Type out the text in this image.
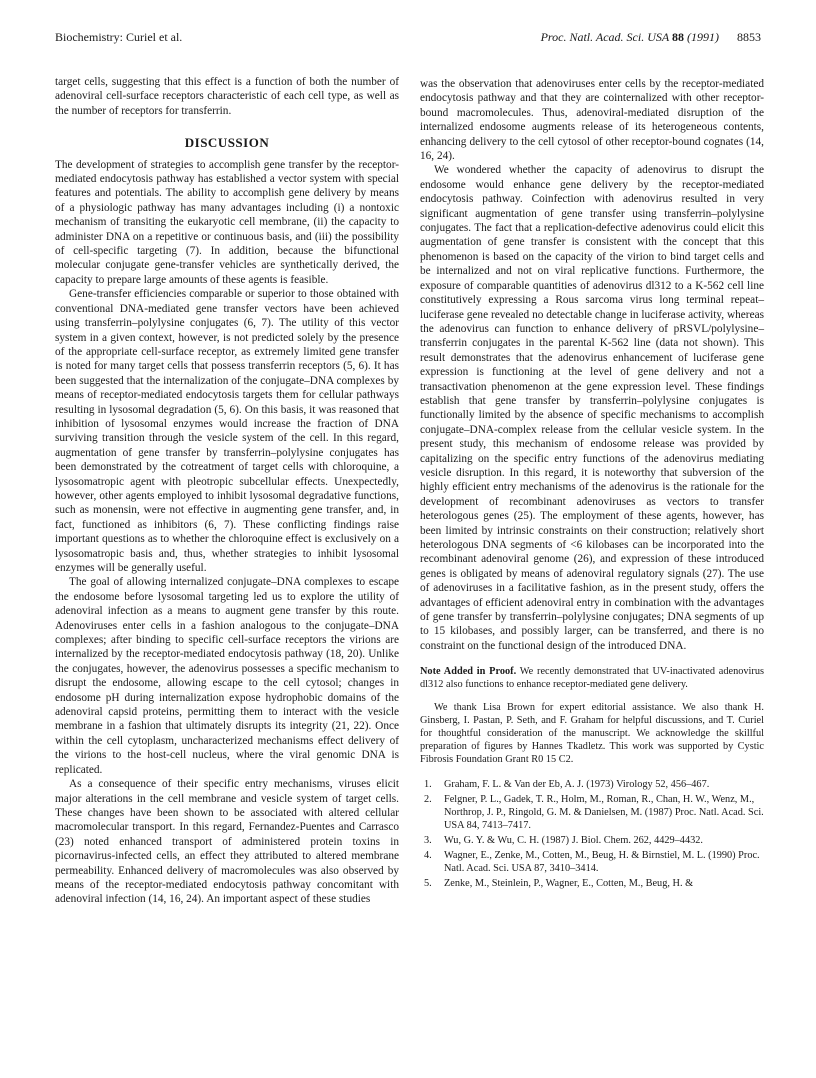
Biochemistry: Curiel et al.	Proc. Natl. Acad. Sci. USA 88 (1991) 8853

target cells, suggesting that this effect is a function of both the number of adenoviral cell-surface receptors characteristic of each cell type, as well as the number of receptors for transferrin.

DISCUSSION

The development of strategies to accomplish gene transfer by the receptor-mediated endocytosis pathway has established a vector system with special features and potentials. The ability to accomplish gene delivery by means of a physiologic pathway has many advantages including (i) a nontoxic mechanism of transiting the eukaryotic cell membrane, (ii) the capacity to administer DNA on a repetitive or continuous basis, and (iii) the possibility of cell-specific targeting (7). In addition, because the bifunctional molecular conjugate gene-transfer vehicles are synthetically derived, the capacity to prepare large amounts of these agents is feasible.

Gene-transfer efficiencies comparable or superior to those obtained with conventional DNA-mediated gene transfer vectors have been achieved using transferrin–polylysine conjugates (6, 7). The utility of this vector system in a given context, however, is not predicted solely by the presence of the appropriate cell-surface receptor, as extremely limited gene transfer is noted for many target cells that possess transferrin receptors (5, 6). It has been suggested that the internalization of the conjugate–DNA complexes by means of receptor-mediated endocytosis targets them for cellular pathways resulting in lysosomal degradation (5, 6). On this basis, it was reasoned that inhibition of lysosomal enzymes would increase the fraction of DNA surviving transition through the vesicle system of the cell. In this regard, augmentation of gene transfer by transferrin–polylysine conjugates has been demonstrated by the cotreatment of target cells with chloroquine, a lysosomatropic agent with pleotropic subcellular effects. Unexpectedly, however, other agents employed to inhibit lysosomal degradative functions, such as monensin, were not effective in augmenting gene transfer, and, in fact, functioned as inhibitors (6, 7). These conflicting findings raise important questions as to whether the chloroquine effect is exclusively on a lysosomatropic basis and, thus, whether strategies to inhibit lysosomal enzymes will be generally useful.

The goal of allowing internalized conjugate–DNA complexes to escape the endosome before lysosomal targeting led us to explore the utility of adenoviral infection as a means to augment gene transfer by this route. Adenoviruses enter cells in a fashion analogous to the conjugate–DNA complexes; after binding to specific cell-surface receptors the virions are internalized by the receptor-mediated endocytosis pathway (18, 20). Unlike the conjugates, however, the adenovirus possesses a specific mechanism to disrupt the endosome, allowing escape to the cell cytosol; changes in endosome pH during internalization expose hydrophobic domains of the adenoviral capsid proteins, permitting them to interact with the vesicle membrane in a fashion that ultimately disrupts its integrity (21, 22). Once within the cell cytoplasm, uncharacterized mechanisms effect delivery of the virions to the host-cell nucleus, where the viral genomic DNA is replicated.

As a consequence of their specific entry mechanisms, viruses elicit major alterations in the cell membrane and vesicle system of target cells. These changes have been shown to be associated with altered cellular macromolecular transport. In this regard, Fernandez-Puentes and Carrasco (23) noted enhanced transport of administered protein toxins in picornavirus-infected cells, an effect they attributed to altered membrane permeability. Enhanced delivery of macromolecules was also observed by means of the receptor-mediated endocytosis pathway concomitant with adenoviral infection (14, 16, 24). An important aspect of these studies

was the observation that adenoviruses enter cells by the receptor-mediated endocytosis pathway and that they are cointernalized with other receptor-bound macromolecules. Thus, adenoviral-mediated disruption of the internalized endosome augments release of its heterogeneous contents, enhancing delivery to the cell cytosol of other receptor-bound cognates (14, 16, 24).

We wondered whether the capacity of adenovirus to disrupt the endosome would enhance gene delivery by the receptor-mediated endocytosis pathway. Coinfection with adenovirus resulted in very significant augmentation of gene transfer using transferrin–polylysine conjugates. The fact that a replication-defective adenovirus could elicit this augmentation of gene transfer is consistent with the concept that this phenomenon is based on the capacity of the virion to bind target cells and be internalized and not on viral replicative functions. Furthermore, the exposure of comparable quantities of adenovirus dl312 to a K-562 cell line constitutively expressing a Rous sarcoma virus long terminal repeat–luciferase gene revealed no detectable change in luciferase activity, whereas the adenovirus can function to enhance delivery of pRSVL/polylysine–transferrin conjugates in the parental K-562 line (data not shown). This result demonstrates that the adenovirus enhancement of luciferase gene expression is functioning at the level of gene delivery and not a transactivation phenomenon at the gene expression level. These findings establish that gene transfer by transferrin–polylysine conjugates is functionally limited by the absence of specific mechanisms to accomplish conjugate–DNA-complex release from the cellular vesicle system. In the present study, this mechanism of endosome release was provided by capitalizing on the specific entry functions of the adenovirus mediating vesicle disruption. In this regard, it is noteworthy that subversion of the highly efficient entry mechanisms of the adenovirus is the rationale for the development of recombinant adenoviruses as vectors to transfer heterologous genes (25). The employment of these agents, however, has been limited by intrinsic constraints on their construction; relatively short heterologous DNA segments of <6 kilobases can be incorporated into the recombinant adenoviral genome (26), and expression of these introduced genes is obligated by means of adenoviral regulatory signals (27). The use of adenoviruses in a facilitative fashion, as in the present study, offers the advantages of efficient adenoviral entry in combination with the advantages of gene transfer by transferrin–polylysine conjugates; DNA segments of up to 15 kilobases, and possibly larger, can be transferred, and there is no constraint on the functional design of the introduced DNA.

Note Added in Proof. We recently demonstrated that UV-inactivated adenovirus dl312 also functions to enhance receptor-mediated gene delivery.

We thank Lisa Brown for expert editorial assistance. We also thank H. Ginsberg, I. Pastan, P. Seth, and F. Graham for helpful discussions, and T. Curiel for thoughtful consideration of the manuscript. We acknowledge the skillful preparation of figures by Hannes Tkadletz. This work was supported by Cystic Fibrosis Foundation Grant R0 15 C2.

1. Graham, F. L. & Van der Eb, A. J. (1973) Virology 52, 456–467.
2. Felgner, P. L., Gadek, T. R., Holm, M., Roman, R., Chan, H. W., Wenz, M., Northrop, J. P., Ringold, G. M. & Danielsen, M. (1987) Proc. Natl. Acad. Sci. USA 84, 7413–7417.
3. Wu, G. Y. & Wu, C. H. (1987) J. Biol. Chem. 262, 4429–4432.
4. Wagner, E., Zenke, M., Cotten, M., Beug, H. & Birnstiel, M. L. (1990) Proc. Natl. Acad. Sci. USA 87, 3410–3414.
5. Zenke, M., Steinlein, P., Wagner, E., Cotten, M., Beug, H. &
